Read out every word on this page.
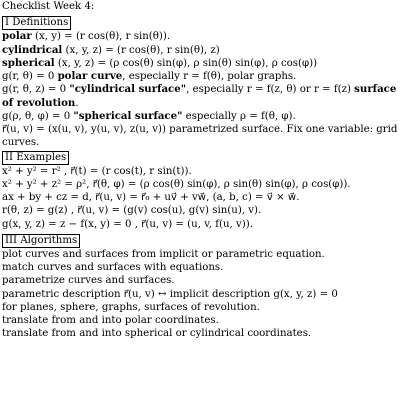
Checklist Week 4:
I Definitions
polar (x, y) = (r cos(θ), r sin(θ)).
cylindrical (x, y, z) = (r cos(θ), r sin(θ), z)
spherical (x, y, z) = (ρ cos(θ) sin(φ), ρ sin(θ) sin(φ), ρ cos(φ))
g(r, θ) = 0 polar curve, especially r = f(θ), polar graphs.
g(r, θ, z) = 0 "cylindrical surface", especially r = f(z, θ) or r = f(z) surface of revolution.
g(ρ, θ, φ) = 0 "spherical surface" especially ρ = f(θ, φ).
r⃗(u, v) = (x(u, v), y(u, v), z(u, v)) parametrized surface. Fix one variable: grid curves.
II Examples
x² + y² = r² , r⃗(t) = (r cos(t), r sin(t)).
x² + y² + z² = ρ², r⃗(θ, φ) = (ρ cos(θ) sin(φ), ρ sin(θ) sin(φ), ρ cos(φ)).
ax + by + cz = d, r⃗(u, v) = r⃗₀ + uv⃗ + vw⃗, (a, b, c) = v⃗ × w⃗.
r(θ, z) = g(z) , r⃗(u, v) = (g(v) cos(u), g(v) sin(u), v).
g(x, y, z) = z − f(x, y) = 0 , r⃗(u, v) = (u, v, f(u, v)).
III Algorithms
plot curves and surfaces from implicit or parametric equation.
match curves and surfaces with equations.
parametrize curves and surfaces.
parametric description r⃗(u, v) ↔ implicit description g(x, y, z) = 0
for planes, sphere, graphs, surfaces of revolution.
translate from and into polar coordinates.
translate from and into spherical or cylindrical coordinates.
